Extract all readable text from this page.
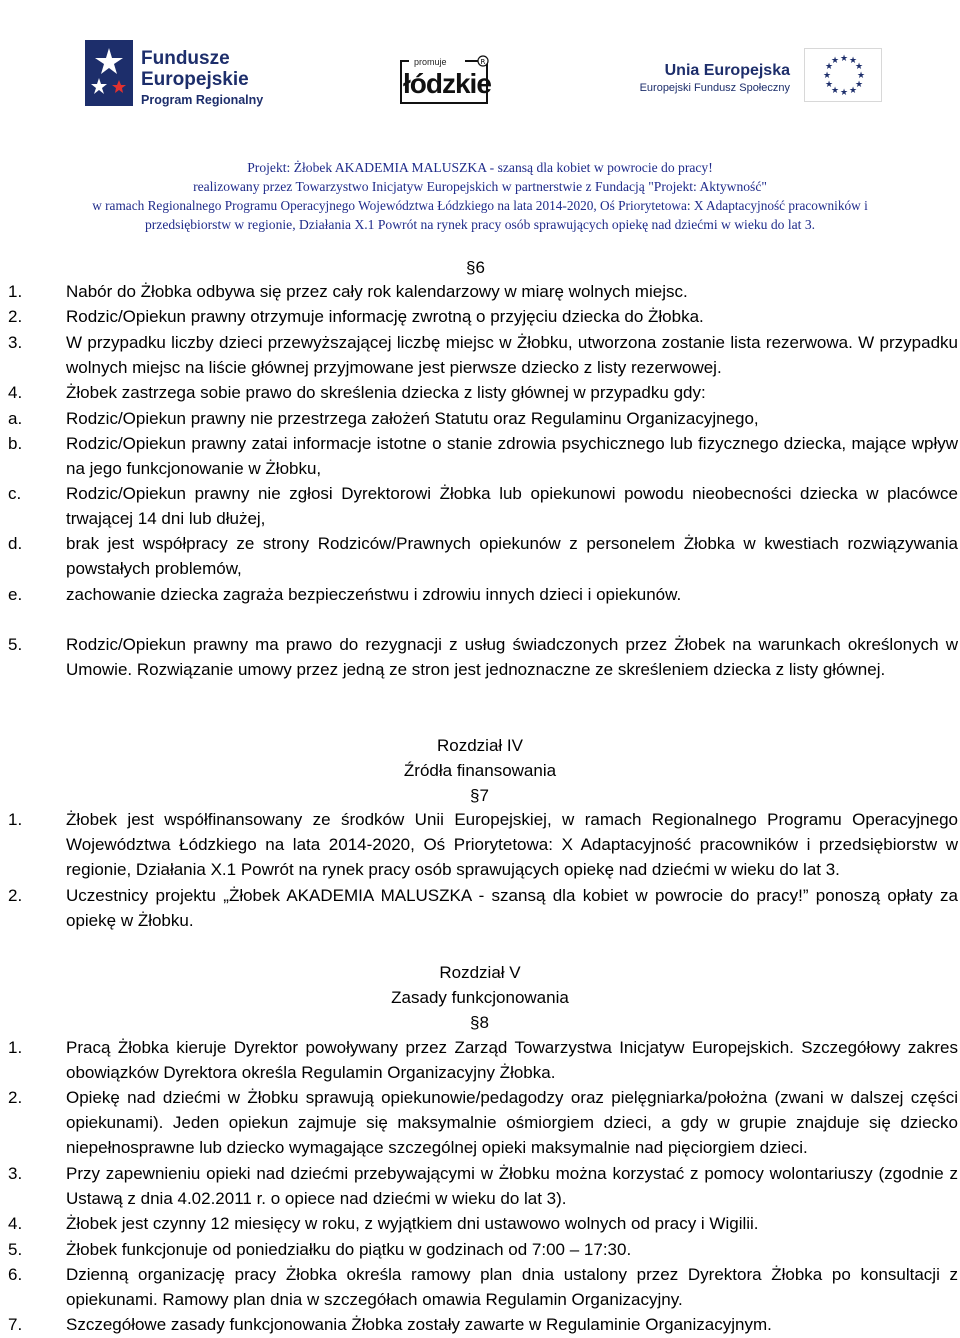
Fundusze
Europejskie
Program Regionalny
R
promuje
łódzkie	Unia Europejska
Europejski Fundusz Społeczny
★ ★
★
★
★
★
★
★
★
★
★
★
Projekt: Żłobek AKADEMIA MALUSZKA - szansą dla kobiet w powrocie do pracy!
realizowany przez Towarzystwo Inicjatyw Europejskich w partnerstwie z Fundacją "Projekt: Aktywność"
w ramach Regionalnego Programu Operacyjnego Województwa Łódzkiego na lata 2014-2020, Oś Priorytetowa: X Adaptacyjność pracowników i
przedsiębiorstw w regionie, Działania X.1 Powrót na rynek pracy osób sprawujących opiekę nad dziećmi w wieku do lat 3.
§6
1.	Nabór do Żłobka odbywa się przez cały rok kalendarzowy w miarę wolnych miejsc.
2.	Rodzic/Opiekun prawny otrzymuje informację zwrotną o przyjęciu dziecka do Żłobka.
3.	W przypadku liczby dzieci przewyższającej liczbę miejsc w Żłobku, utworzona zostanie lista rezerwowa. W przypadku wolnych miejsc na liście głównej przyjmowane jest pierwsze dziecko z listy rezerwowej.
4.	Żłobek zastrzega sobie prawo do skreślenia dziecka z listy głównej w przypadku gdy:
a.	Rodzic/Opiekun prawny nie przestrzega założeń Statutu oraz Regulaminu Organizacyjnego,
b.	Rodzic/Opiekun prawny zatai informacje istotne o stanie zdrowia psychicznego lub fizycznego dziecka, mające wpływ na jego funkcjonowanie w Żłobku,
c.	Rodzic/Opiekun prawny nie zgłosi Dyrektorowi Żłobka lub opiekunowi powodu nieobecności dziecka w placówce trwającej 14 dni lub dłużej,
d.	brak jest współpracy ze strony Rodziców/Prawnych opiekunów z personelem Żłobka w kwestiach rozwiązywania powstałych problemów,
e.	zachowanie dziecka zagraża bezpieczeństwu i zdrowiu innych dzieci i opiekunów.
5.	Rodzic/Opiekun prawny ma prawo do rezygnacji z usług świadczonych przez Żłobek na warunkach określonych w Umowie. Rozwiązanie umowy przez jedną ze stron jest jednoznaczne ze skreśleniem dziecka z listy głównej.
Rozdział IV
Źródła finansowania
§7
1.	Żłobek jest współfinansowany ze środków Unii Europejskiej, w ramach Regionalnego Programu Operacyjnego Województwa Łódzkiego na lata 2014-2020, Oś Priorytetowa: X Adaptacyjność pracowników i przedsiębiorstw w regionie, Działania X.1 Powrót na rynek pracy osób sprawujących opiekę nad dziećmi w wieku do lat 3.
2.	Uczestnicy projektu „Żłobek AKADEMIA MALUSZKA - szansą dla kobiet w powrocie do pracy!” ponoszą opłaty za opiekę w Żłobku.
Rozdział V
Zasady funkcjonowania
§8
1.	Pracą Żłobka kieruje Dyrektor powoływany przez Zarząd Towarzystwa Inicjatyw Europejskich. Szczegółowy zakres obowiązków Dyrektora określa Regulamin Organizacyjny Żłobka.
2.	Opiekę nad dziećmi w Żłobku sprawują opiekunowie/pedagodzy oraz pielęgniarka/położna (zwani w dalszej części opiekunami). Jeden opiekun zajmuje się maksymalnie ośmiorgiem dzieci, a gdy w grupie znajduje się dziecko niepełnosprawne lub dziecko wymagające szczególnej opieki maksymalnie nad pięciorgiem dzieci.
3.	Przy zapewnieniu opieki nad dziećmi przebywającymi w Żłobku można korzystać z pomocy wolontariuszy (zgodnie z Ustawą z dnia 4.02.2011 r. o opiece nad dziećmi w wieku do lat 3).
4.	Żłobek jest czynny 12 miesięcy w roku, z wyjątkiem dni ustawowo wolnych od pracy i Wigilii.
5.	Żłobek funkcjonuje od poniedziałku do piątku w godzinach od 7:00 – 17:30.
6.	Dzienną organizację pracy Żłobka określa ramowy plan dnia ustalony przez Dyrektora Żłobka po konsultacji z opiekunami. Ramowy plan dnia w szczegółach omawia Regulamin Organizacyjny.
7.	Szczegółowe zasady funkcjonowania Żłobka zostały zawarte w Regulaminie Organizacyjnym.
